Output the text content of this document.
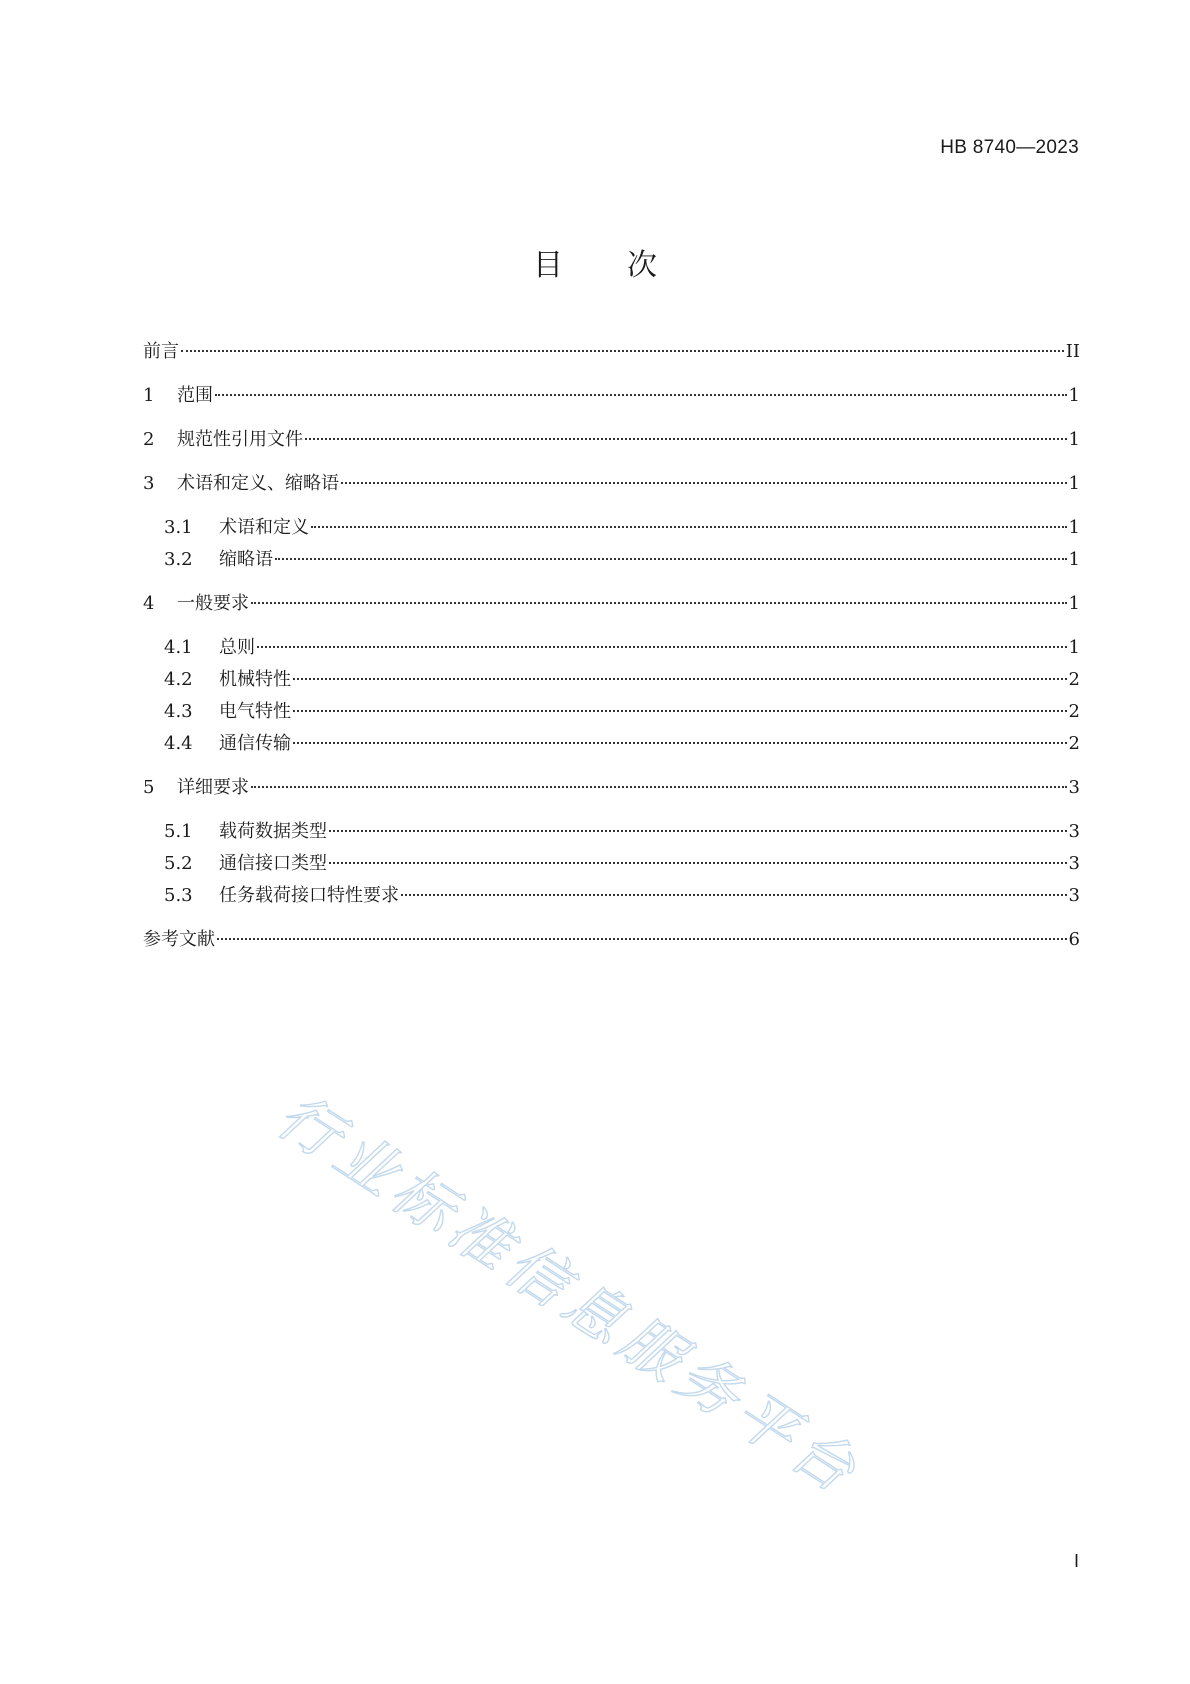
HB 8740—2023
目 次
前言	II
1	范围	1
2	规范性引用文件	1
3	术语和定义、缩略语	1
3.1	术语和定义	1
3.2	缩略语	1
4	一般要求	1
4.1	总则	1
4.2	机械特性	2
4.3	电气特性	2
4.4	通信传输	2
5	详细要求	3
5.1	载荷数据类型	3
5.2	通信接口类型	3
5.3	任务载荷接口特性要求	3
参考文献	6
行业标准信息服务平台
I
